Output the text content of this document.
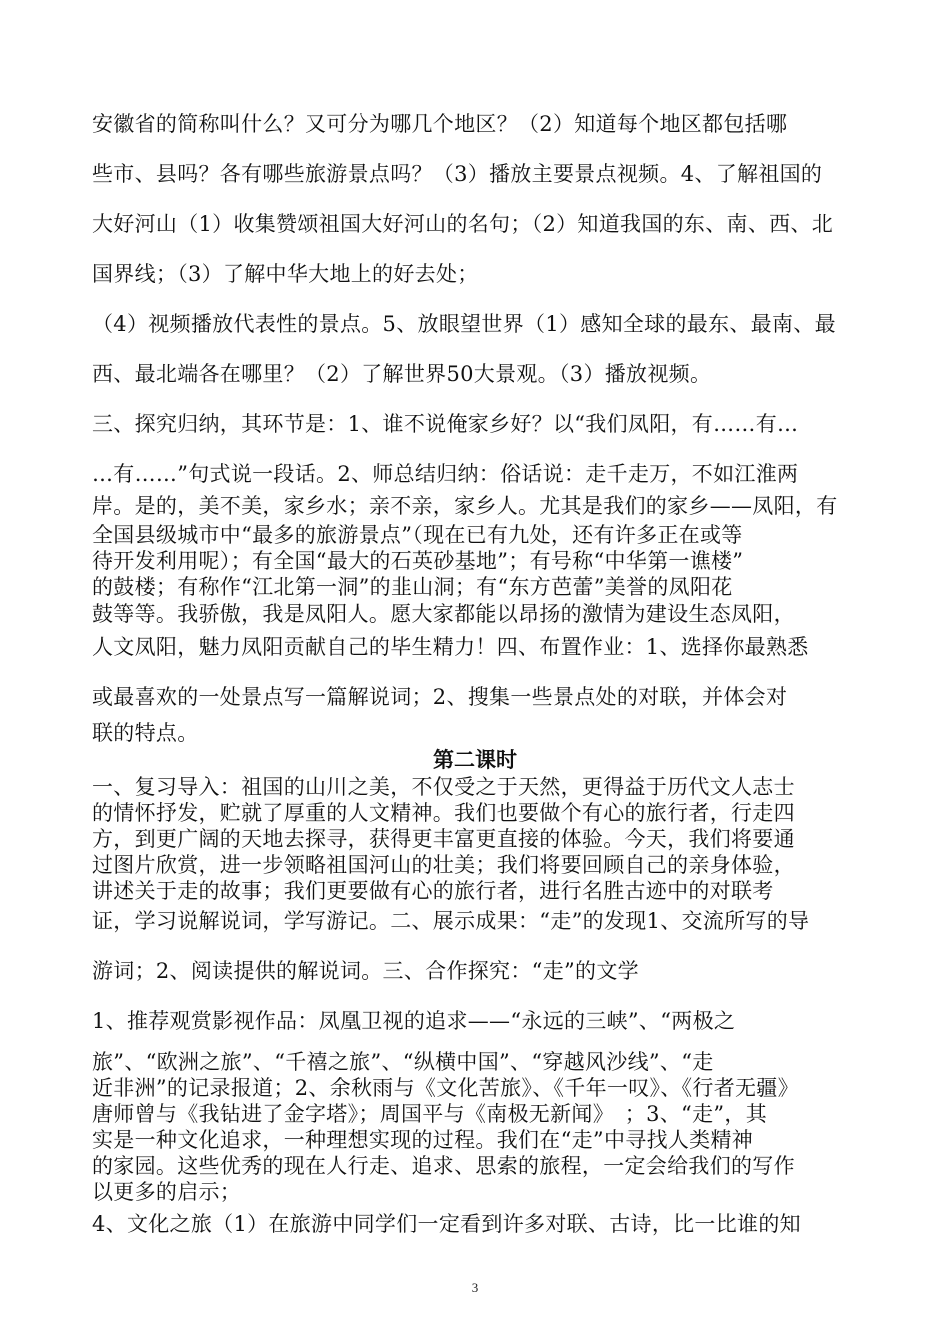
安徽省的简称叫什么？又可分为哪几个地区？（2）知道每个地区都包括哪
些市、县吗？各有哪些旅游景点吗？（3）播放主要景点视频。4、了解祖国的
大好河山（1）收集赞颂祖国大好河山的名句；（2）知道我国的东、南、西、北
国界线；（3）了解中华大地上的好去处；
（4）视频播放代表性的景点。5、放眼望世界（1）感知全球的最东、最南、最
西、最北端各在哪里？（2）了解世界50大景观。（3）播放视频。
三、探究归纳，其环节是：1、谁不说俺家乡好？以“我们凤阳，有……有…
…有……”句式说一段话。2、师总结归纳：俗话说：走千走万，不如江淮两
岸。是的，美不美，家乡水；亲不亲，家乡人。尤其是我们的家乡——凤阳，有
全国县级城市中“最多的旅游景点”（现在已有九处，还有许多正在或等
待开发利用呢）；有全国“最大的石英砂基地”；有号称“中华第一谯楼”
的鼓楼；有称作“江北第一洞”的韭山洞；有“东方芭蕾”美誉的凤阳花
鼓等等。我骄傲，我是凤阳人。愿大家都能以昂扬的激情为建设生态凤阳，
人文凤阳，魅力凤阳贡献自己的毕生精力！四、布置作业：1、选择你最熟悉
或最喜欢的一处景点写一篇解说词；2、搜集一些景点处的对联，并体会对
联的特点。
第二课时
一、复习导入：祖国的山川之美，不仅受之于天然，更得益于历代文人志士
的情怀抒发，贮就了厚重的人文精神。我们也要做个有心的旅行者，行走四
方，到更广阔的天地去探寻，获得更丰富更直接的体验。今天，我们将要通
过图片欣赏，进一步领略祖国河山的壮美；我们将要回顾自己的亲身体验，
讲述关于走的故事；我们更要做有心的旅行者，进行名胜古迹中的对联考
证，学习说解说词，学写游记。二、展示成果：“走”的发现1、交流所写的导
游词；2、阅读提供的解说词。三、合作探究：“走”的文学
1、推荐观赏影视作品：凤凰卫视的追求——“永远的三峡”、“两极之
旅”、“欧洲之旅”、“千禧之旅”、“纵横中国”、“穿越风沙线”、“走
近非洲”的记录报道；2、余秋雨与《文化苦旅》、《千年一叹》、《行者无疆》
唐师曾与《我钻进了金字塔》；周国平与《南极无新闻》　；3、“走”，其
实是一种文化追求，一种理想实现的过程。我们在“走”中寻找人类精神
的家园。这些优秀的现在人行走、追求、思索的旅程，一定会给我们的写作
以更多的启示；
4、文化之旅（1）在旅游中同学们一定看到许多对联、古诗，比一比谁的知
3
